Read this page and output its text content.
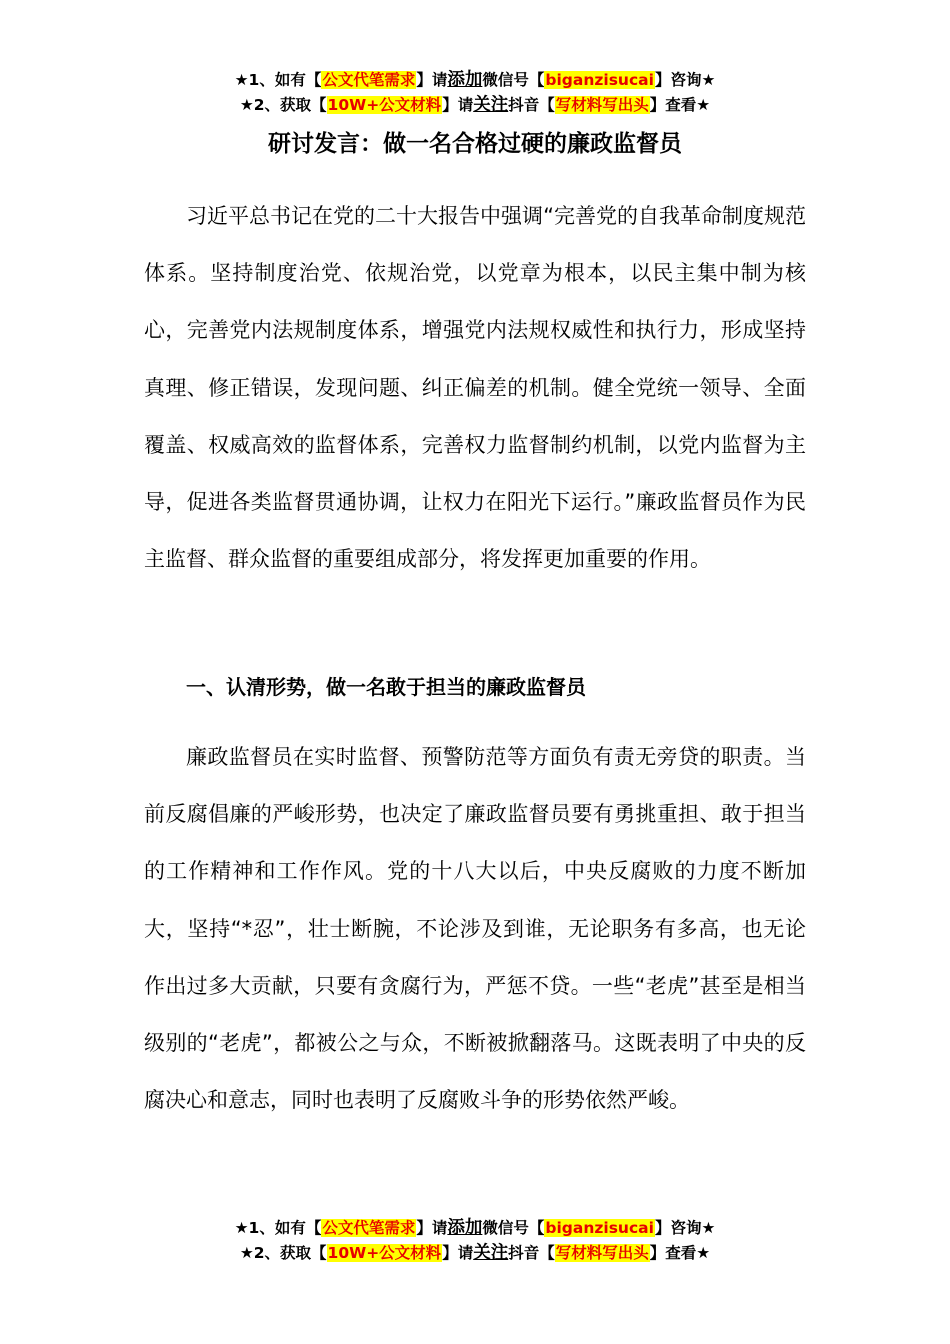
★1、如有【公文代笔需求】请添加微信号【biganzisucai】咨询★
★2、获取【10W+公文材料】请关注抖音【写材料写出头】查看★
研讨发言：做一名合格过硬的廉政监督员

习近平总书记在党的二十大报告中强调“完善党的自我革命制度规范体系。坚持制度治党、依规治党，以党章为根本，以民主集中制为核心，完善党内法规制度体系，增强党内法规权威性和执行力，形成坚持真理、修正错误，发现问题、纠正偏差的机制。健全党统一领导、全面覆盖、权威高效的监督体系，完善权力监督制约机制，以党内监督为主导，促进各类监督贯通协调，让权力在阳光下运行。”廉政监督员作为民主监督、群众监督的重要组成部分，将发挥更加重要的作用。

一、认清形势，做一名敢于担当的廉政监督员

廉政监督员在实时监督、预警防范等方面负有责无旁贷的职责。当前反腐倡廉的严峻形势，也决定了廉政监督员要有勇挑重担、敢于担当的工作精神和工作作风。党的十八大以后，中央反腐败的力度不断加大，坚持“*忍”，壮士断腕，不论涉及到谁，无论职务有多高，也无论作出过多大贡献，只要有贪腐行为，严惩不贷。一些“老虎”甚至是相当级别的“老虎”，都被公之与众，不断被掀翻落马。这既表明了中央的反腐决心和意志，同时也表明了反腐败斗争的形势依然严峻。

★1、如有【公文代笔需求】请添加微信号【biganzisucai】咨询★
★2、获取【10W+公文材料】请关注抖音【写材料写出头】查看★
